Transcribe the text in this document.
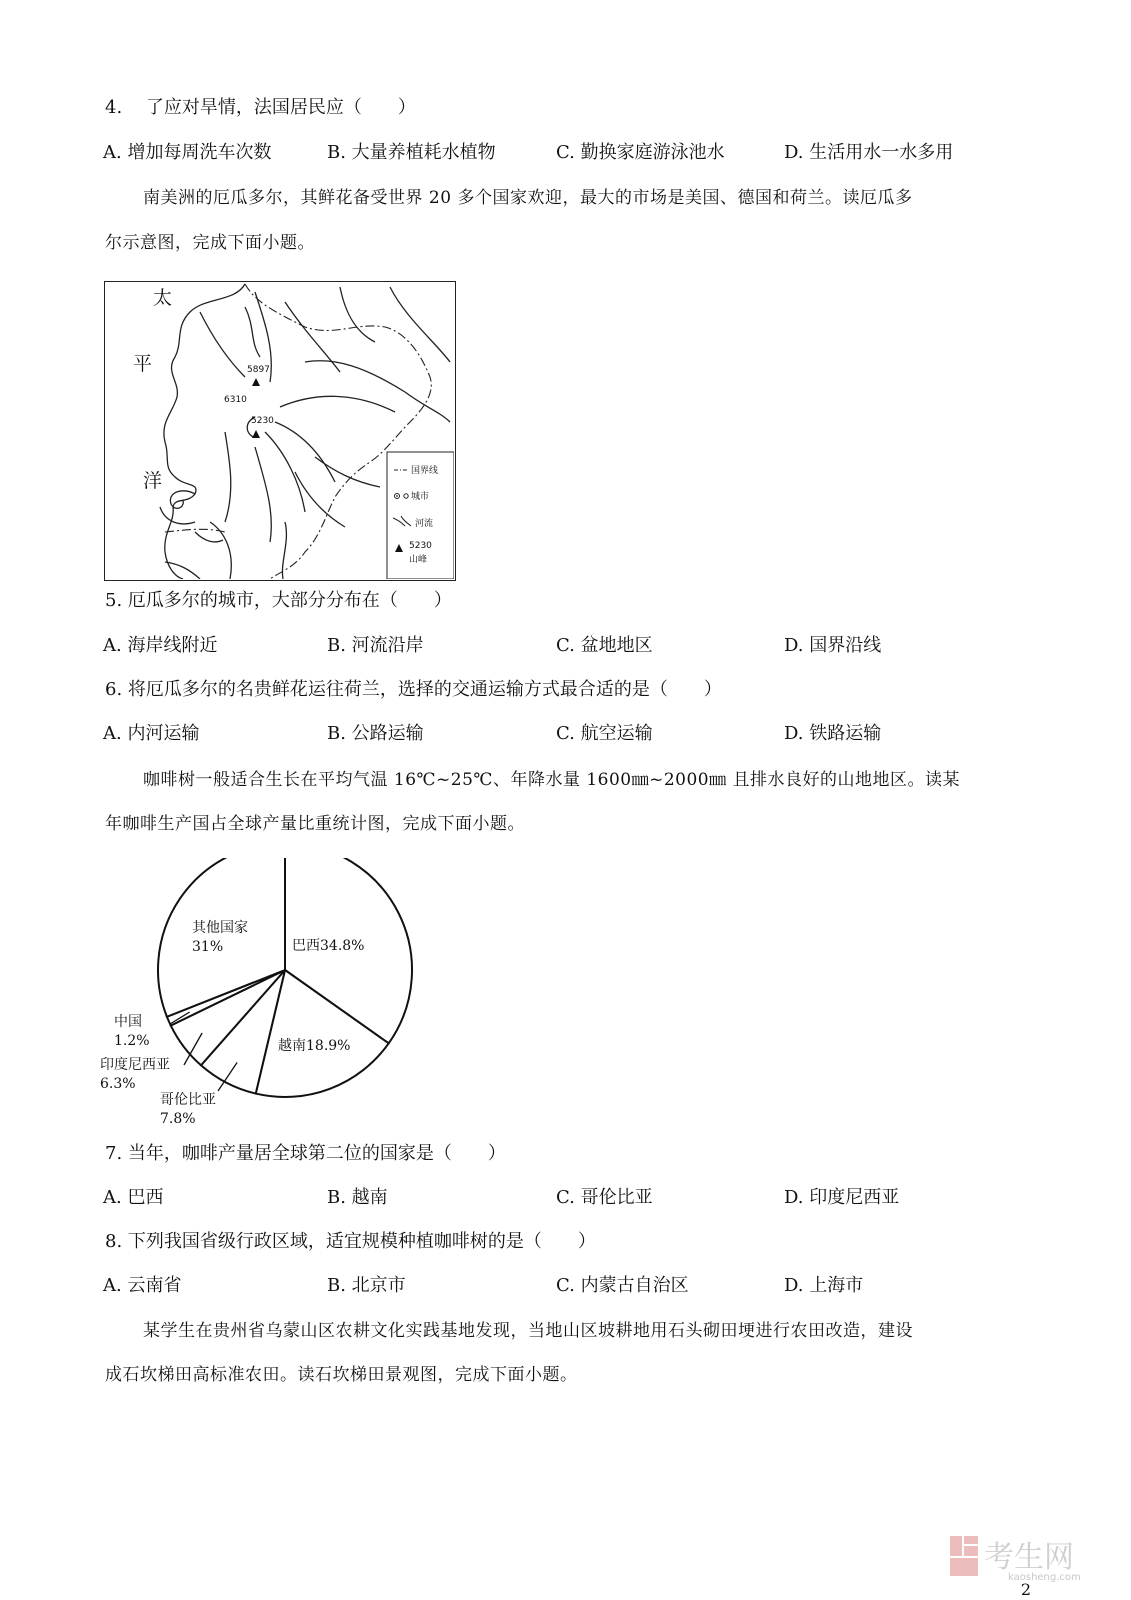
4.　 了应对旱情，法国居民应（　　）
A. 增加每周洗车次数	B. 大量养植耗水植物	C. 勤换家庭游泳池水	D. 生活用水一水多用
南美洲的厄瓜多尔，其鲜花备受世界 20 多个国家欢迎，最大的市场是美国、德国和荷兰。读厄瓜多
尔示意图，完成下面小题。
5897
6310
5230
太
平
洋	国界线
城市
河流
5230
山峰
5. 厄瓜多尔的城市，大部分分布在（　　）
A. 海岸线附近	B. 河流沿岸	C. 盆地地区	D. 国界沿线
6. 将厄瓜多尔的名贵鲜花运往荷兰，选择的交通运输方式最合适的是（　　）
A. 内河运输	B. 公路运输	C. 航空运输	D. 铁路运输
咖啡树一般适合生长在平均气温 16℃~25℃、年降水量 1600㎜~2000㎜ 且排水良好的山地地区。读某
年咖啡生产国占全球产量比重统计图，完成下面小题。
巴西34.8%
越南18.9%
其他国家
31%
中国
1.2%
印度尼西亚
6.3%
哥伦比亚
7.8%
7. 当年，咖啡产量居全球第二位的国家是（　　）
A. 巴西	B. 越南	C. 哥伦比亚	D. 印度尼西亚
8. 下列我国省级行政区域，适宜规模种植咖啡树的是（　　）
A. 云南省	B. 北京市	C. 内蒙古自治区	D. 上海市
某学生在贵州省乌蒙山区农耕文化实践基地发现，当地山区坡耕地用石头砌田埂进行农田改造，建设
成石坎梯田高标准农田。读石坎梯田景观图，完成下面小题。
考生网
kaosheng.com
2
